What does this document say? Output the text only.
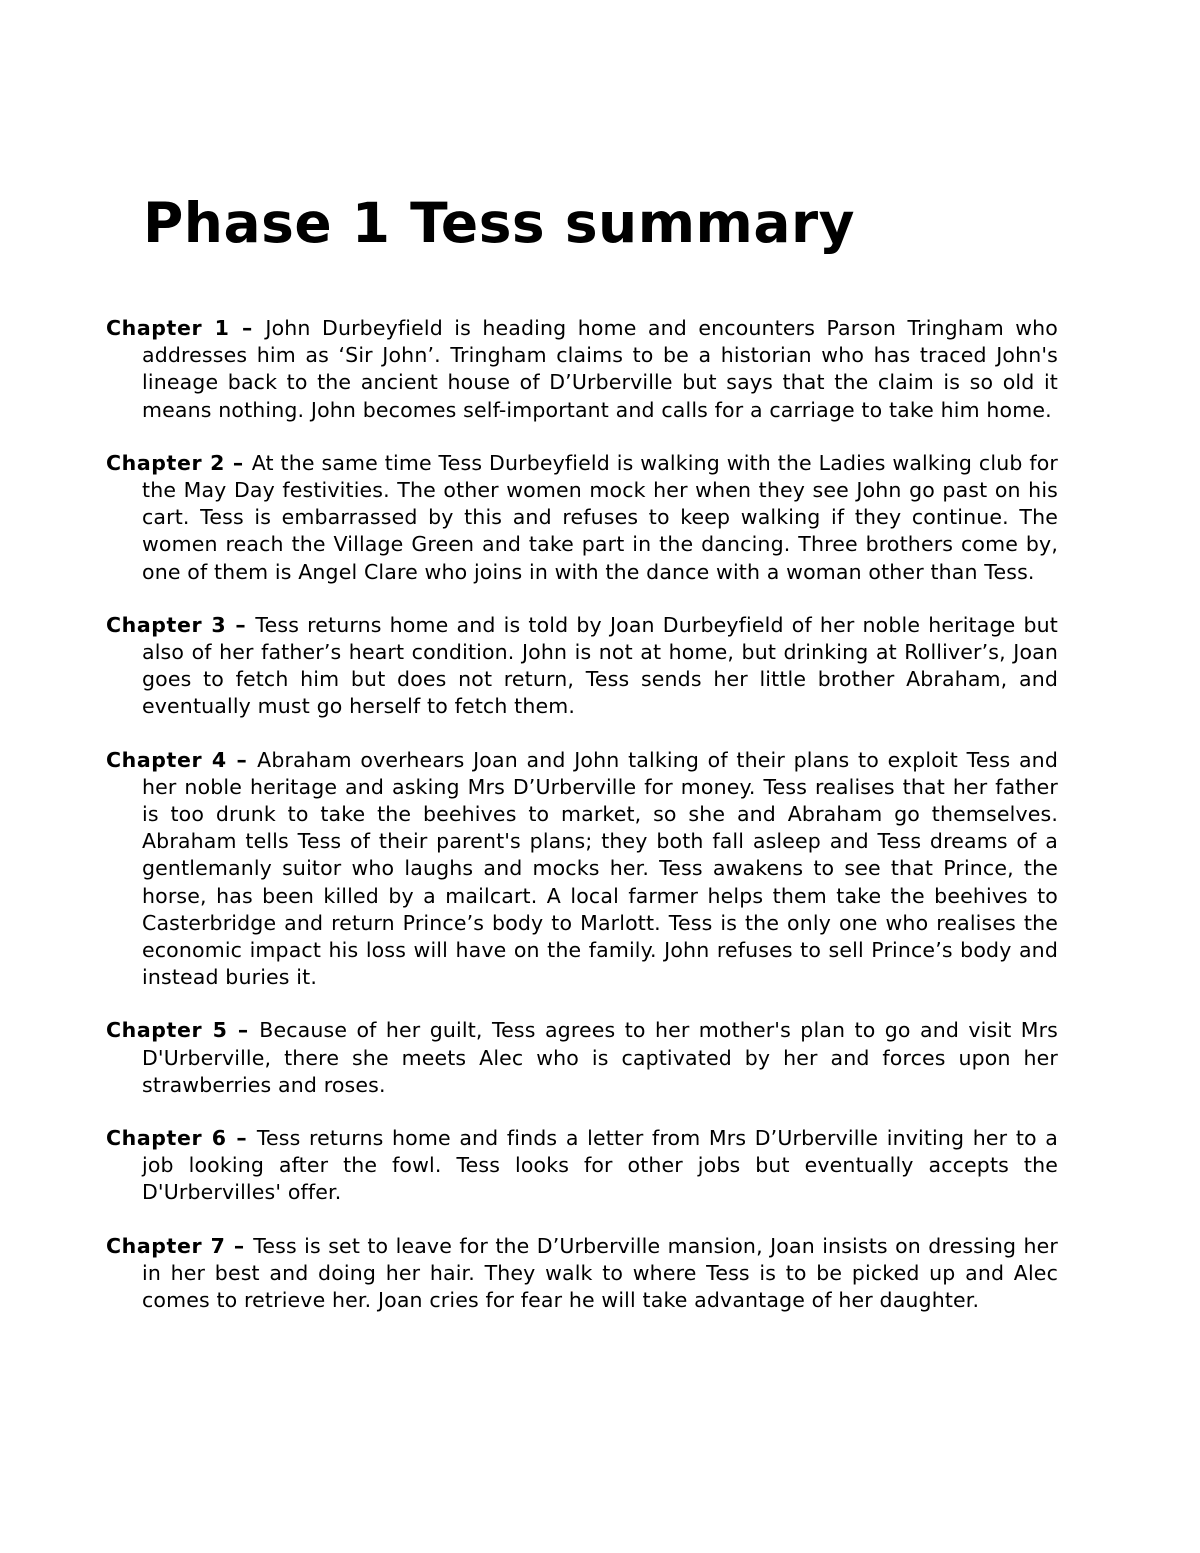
Phase 1 Tess summary

Chapter 1 – John Durbeyfield is heading home and encounters Parson Tringham who addresses him as ‘Sir John’. Tringham claims to be a historian who has traced John's lineage back to the ancient house of D’Urberville but says that the claim is so old it means nothing. John becomes self-important and calls for a carriage to take him home.

Chapter 2 – At the same time Tess Durbeyfield is walking with the Ladies walking club for the May Day festivities. The other women mock her when they see John go past on his cart. Tess is embarrassed by this and refuses to keep walking if they continue. The women reach the Village Green and take part in the dancing. Three brothers come by, one of them is Angel Clare who joins in with the dance with a woman other than Tess.

Chapter 3 – Tess returns home and is told by Joan Durbeyfield of her noble heritage but also of her father’s heart condition. John is not at home, but drinking at Rolliver’s, Joan goes to fetch him but does not return, Tess sends her little brother Abraham, and eventually must go herself to fetch them.

Chapter 4 – Abraham overhears Joan and John talking of their plans to exploit Tess and her noble heritage and asking Mrs D’Urberville for money. Tess realises that her father is too drunk to take the beehives to market, so she and Abraham go themselves. Abraham tells Tess of their parent's plans; they both fall asleep and Tess dreams of a gentlemanly suitor who laughs and mocks her. Tess awakens to see that Prince, the horse, has been killed by a mailcart. A local farmer helps them take the beehives to Casterbridge and return Prince’s body to Marlott. Tess is the only one who realises the economic impact his loss will have on the family. John refuses to sell Prince’s body and instead buries it.

Chapter 5 – Because of her guilt, Tess agrees to her mother's plan to go and visit Mrs D'Urberville, there she meets Alec who is captivated by her and forces upon her strawberries and roses.

Chapter 6 – Tess returns home and finds a letter from Mrs D’Urberville inviting her to a job looking after the fowl. Tess looks for other jobs but eventually accepts the D'Urbervilles' offer.

Chapter 7 – Tess is set to leave for the D’Urberville mansion, Joan insists on dressing her in her best and doing her hair. They walk to where Tess is to be picked up and Alec comes to retrieve her. Joan cries for fear he will take advantage of her daughter.
